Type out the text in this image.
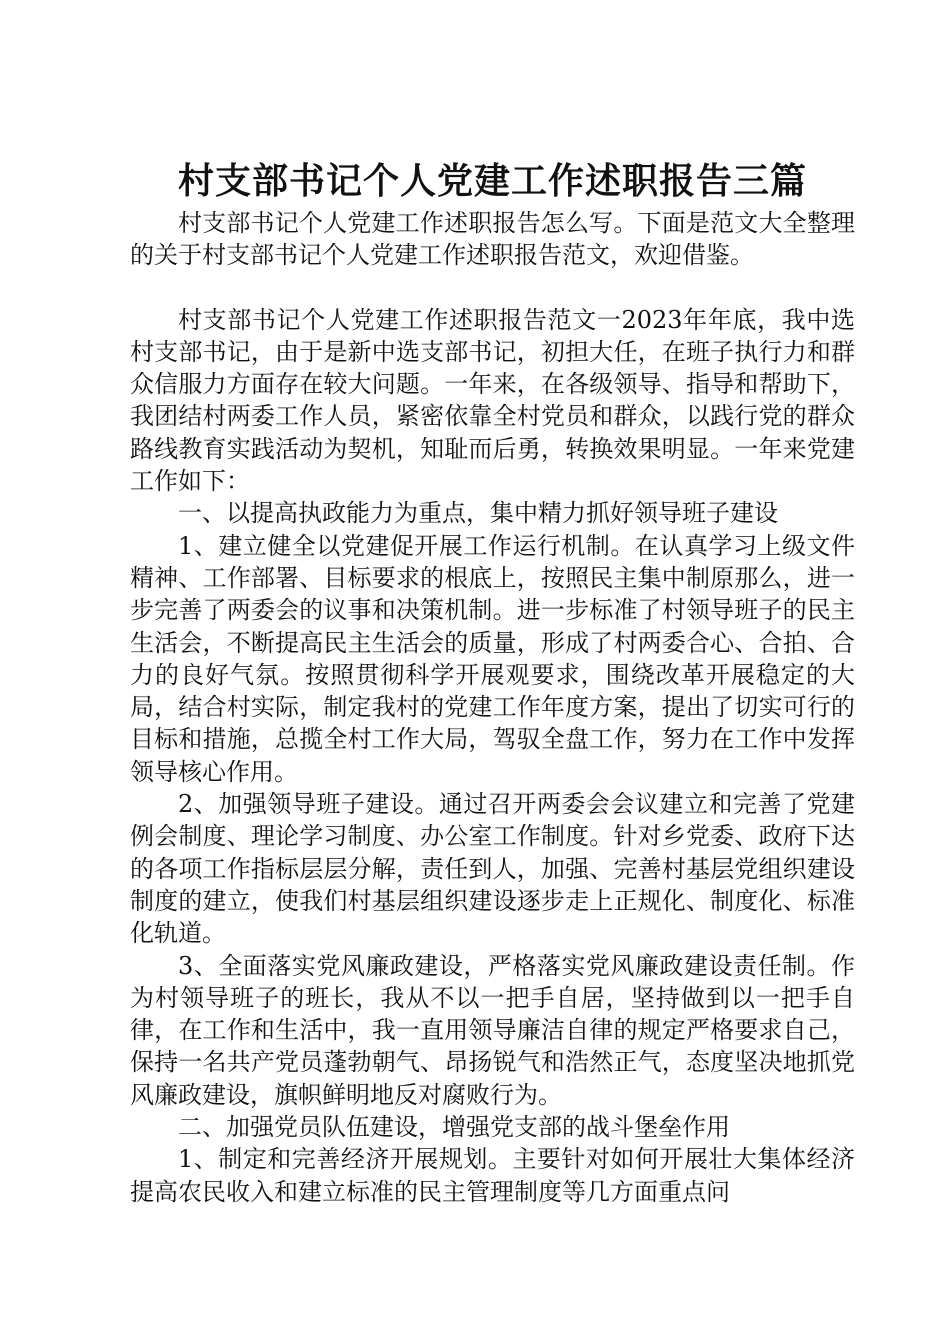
村支部书记个人党建工作述职报告三篇

村支部书记个人党建工作述职报告怎么写。下面是范文大全整理的关于村支部书记个人党建工作述职报告范文，欢迎借鉴。

村支部书记个人党建工作述职报告范文一2023年年底，我中选村支部书记，由于是新中选支部书记，初担大任，在班子执行力和群众信服力方面存在较大问题。一年来，在各级领导、指导和帮助下，我团结村两委工作人员，紧密依靠全村党员和群众，以践行党的群众路线教育实践活动为契机，知耻而后勇，转换效果明显。一年来党建工作如下：

一、以提高执政能力为重点，集中精力抓好领导班子建设

1、建立健全以党建促开展工作运行机制。在认真学习上级文件精神、工作部署、目标要求的根底上，按照民主集中制原那么，进一步完善了两委会的议事和决策机制。进一步标准了村领导班子的民主生活会，不断提高民主生活会的质量，形成了村两委合心、合拍、合力的良好气氛。按照贯彻科学开展观要求，围绕改革开展稳定的大局，结合村实际，制定我村的党建工作年度方案，提出了切实可行的目标和措施，总揽全村工作大局，驾驭全盘工作，努力在工作中发挥领导核心作用。

2、加强领导班子建设。通过召开两委会会议建立和完善了党建例会制度、理论学习制度、办公室工作制度。针对乡党委、政府下达的各项工作指标层层分解，责任到人，加强、完善村基层党组织建设制度的建立，使我们村基层组织建设逐步走上正规化、制度化、标准化轨道。

3、全面落实党风廉政建设，严格落实党风廉政建设责任制。作为村领导班子的班长，我从不以一把手自居，坚持做到以一把手自律，在工作和生活中，我一直用领导廉洁自律的规定严格要求自己，保持一名共产党员蓬勃朝气、昂扬锐气和浩然正气，态度坚决地抓党风廉政建设，旗帜鲜明地反对腐败行为。

二、加强党员队伍建设，增强党支部的战斗堡垒作用

1、制定和完善经济开展规划。主要针对如何开展壮大集体经济提高农民收入和建立标准的民主管理制度等几方面重点问
